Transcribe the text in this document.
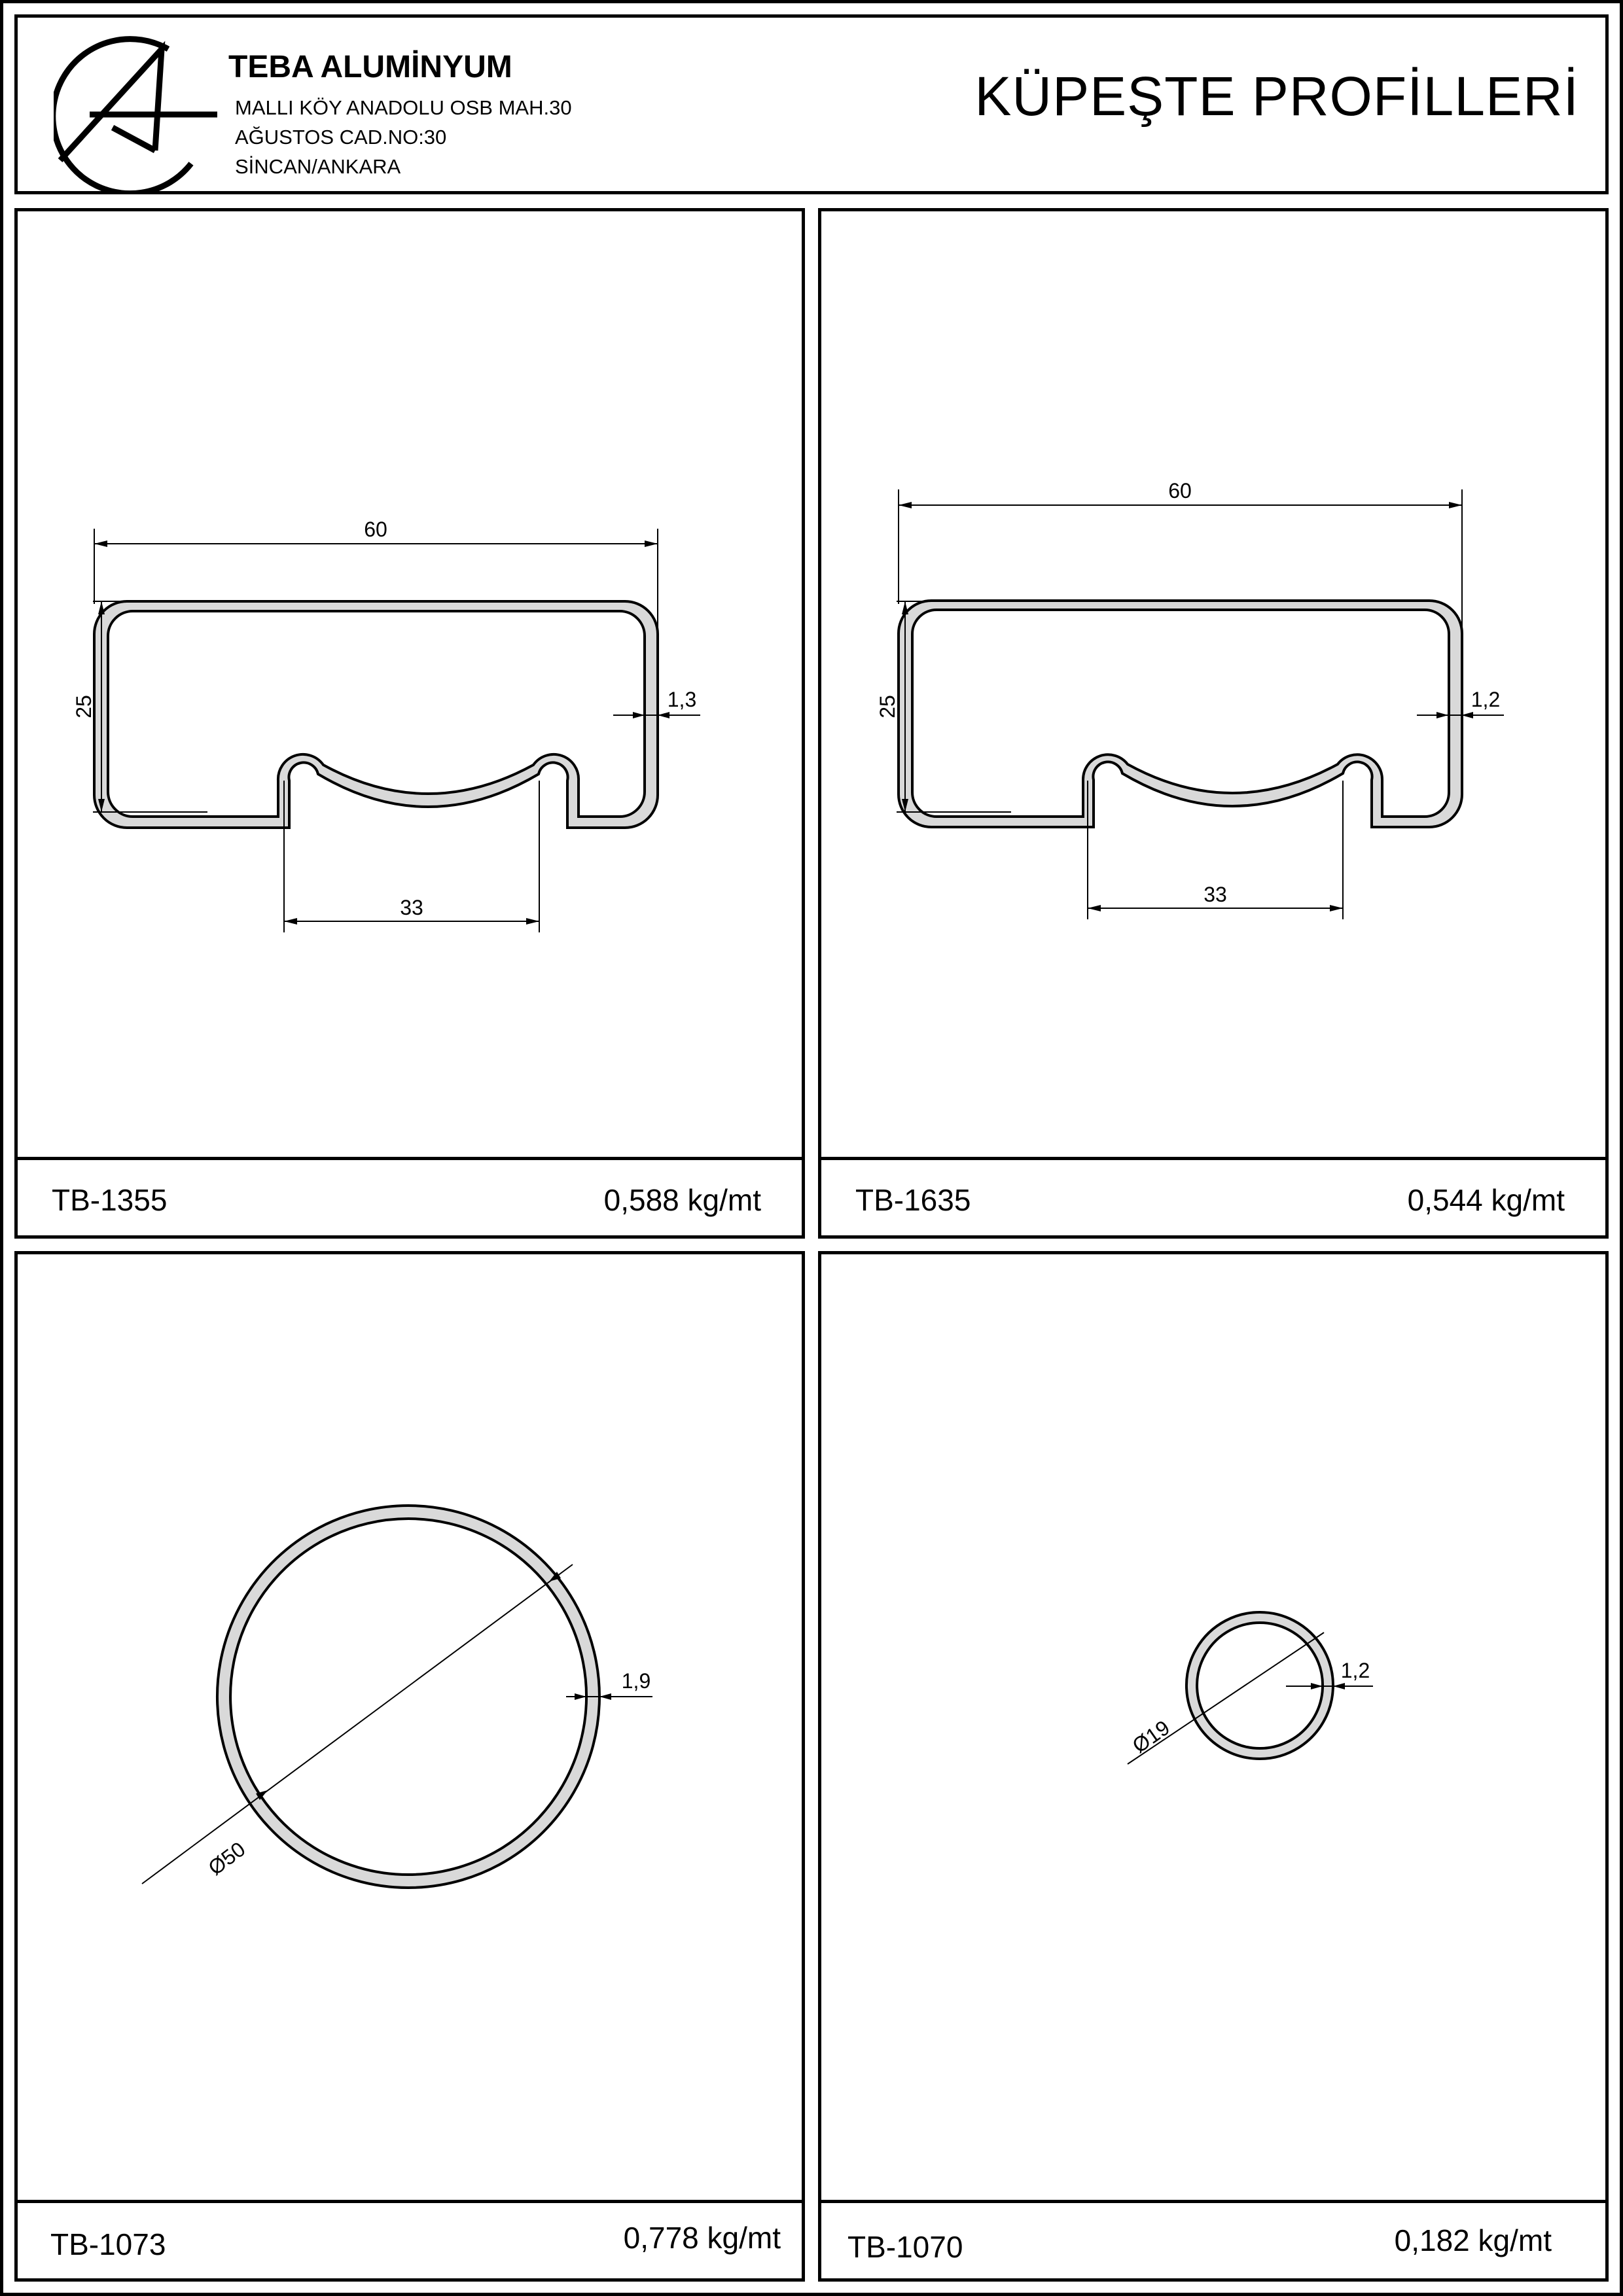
TEBA ALUMİNYUM
MALLI KÖY ANADOLU OSB MAH.30
AĞUSTOS CAD.NO:30
SİNCAN/ANKARA
KÜPEŞTE PROFİLLERİ
60
25	1,3
33
TB-1355	0,588 kg/mt
60
25	1,2
33
TB-1635	0,544 kg/mt
Ø50
1,9
TB-1073	0,778 kg/mt
Ø19
1,2
TB-1070	0,182 kg/mt
